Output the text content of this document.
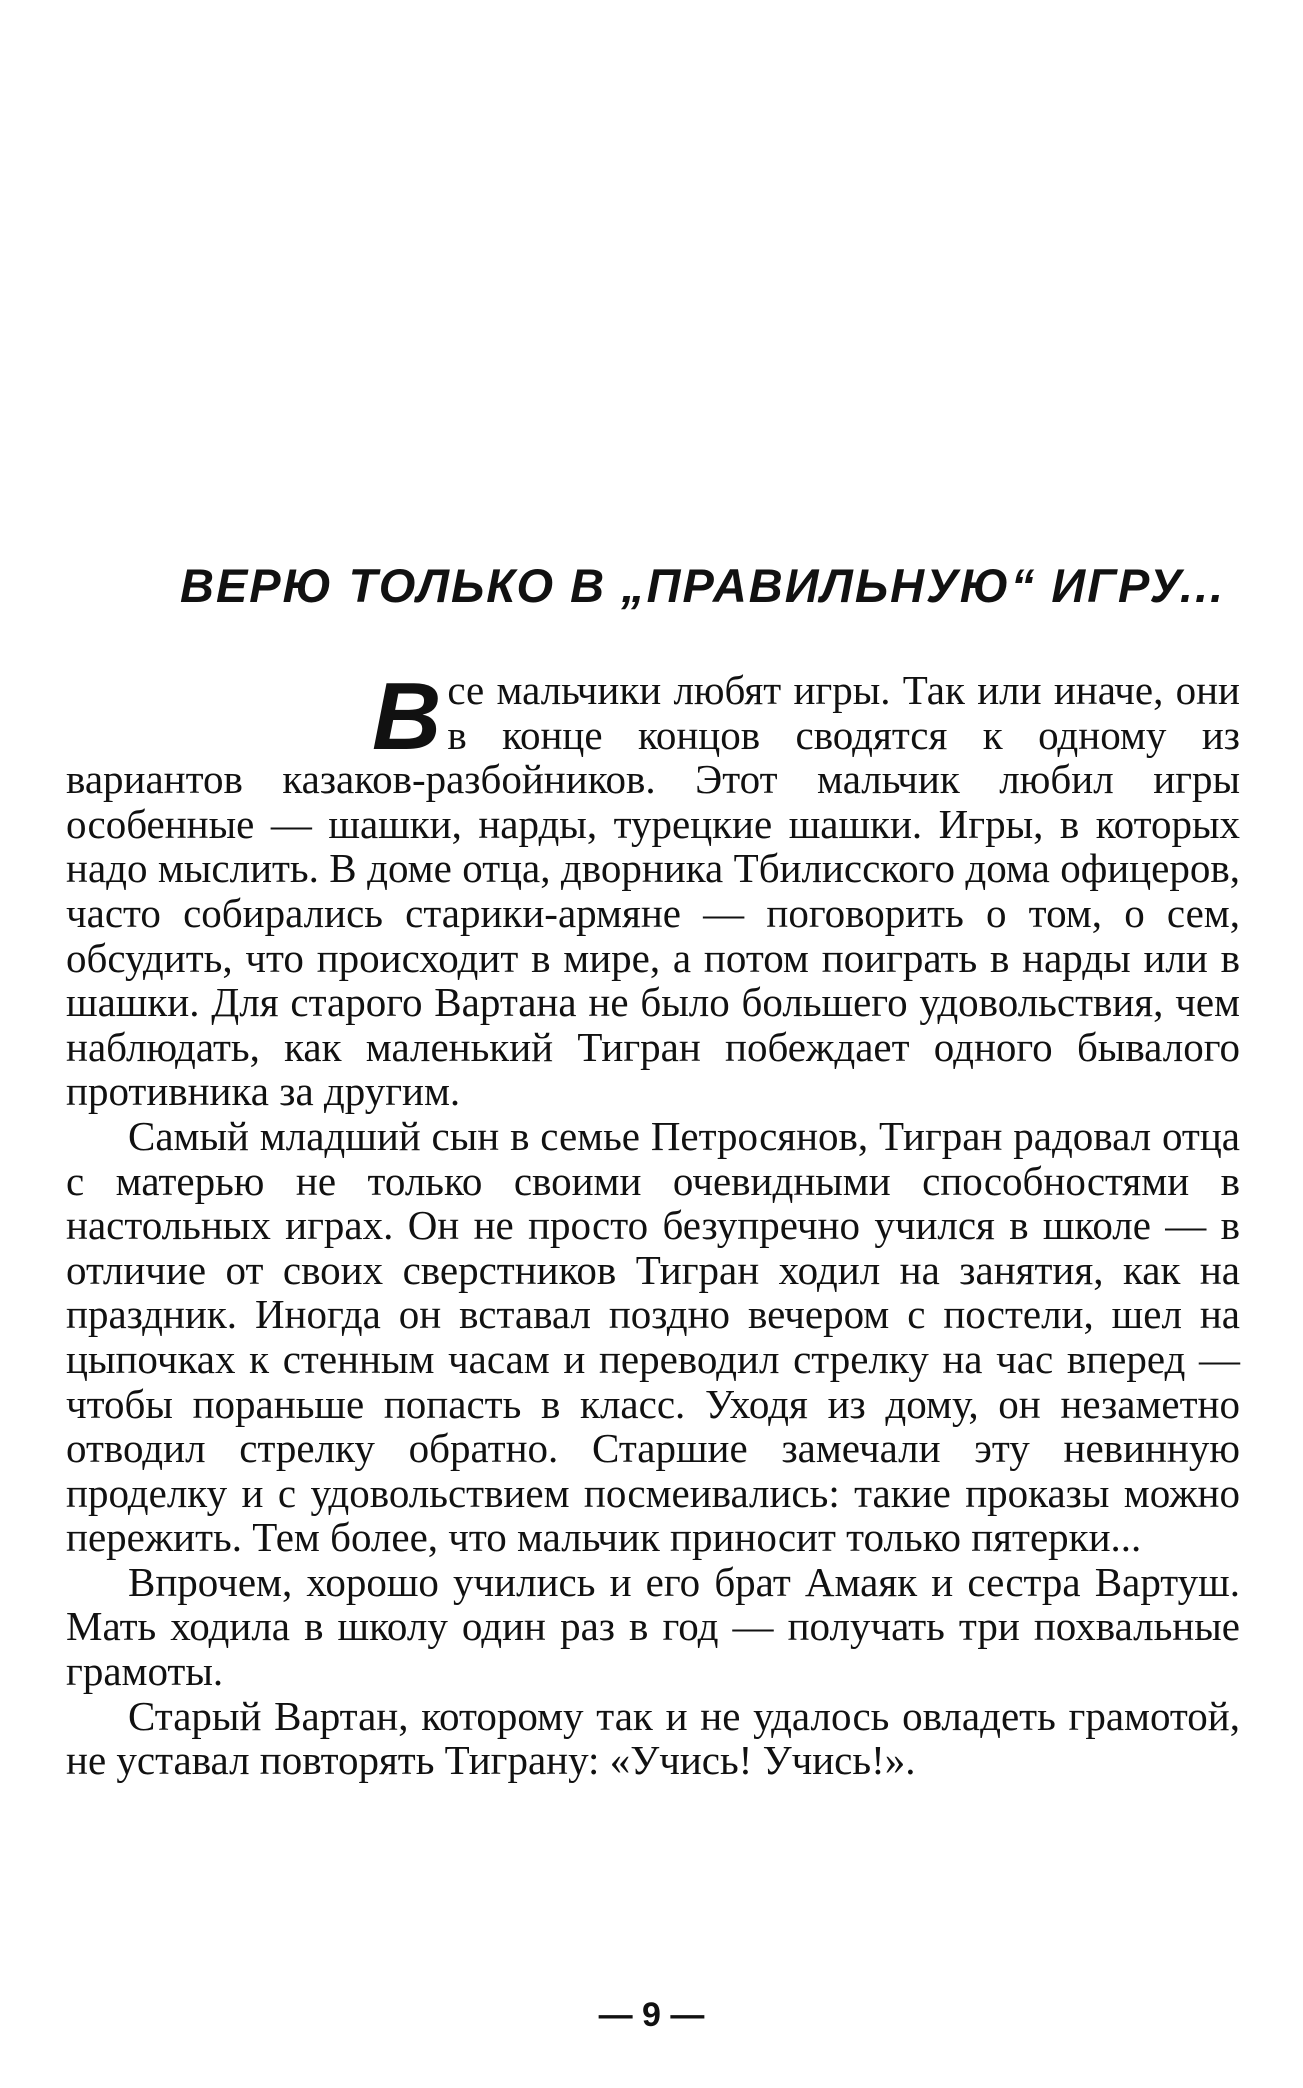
ВЕРЮ ТОЛЬКО В „ПРАВИЛЬНУЮ“ ИГРУ...

Все мальчики любят игры. Так или иначе, они в конце концов сводятся к одному из вариантов казаков-разбойников. Этот мальчик любил игры особенные — шашки, нарды, турецкие шашки. Игры, в которых надо мыслить. В доме отца, дворника Тбилисского дома офицеров, часто собирались старики-армяне — поговорить о том, о сем, обсудить, что происходит в мире, а потом поиграть в нарды или в шашки. Для старого Вартана не было большего удовольствия, чем наблюдать, как маленький Тигран побеждает одного бывалого противника за другим.

Самый младший сын в семье Петросянов, Тигран радовал отца с матерью не только своими очевидными способностями в настольных играх. Он не просто безупречно учился в школе — в отличие от своих сверстников Тигран ходил на занятия, как на праздник. Иногда он вставал поздно вечером с постели, шел на цыпочках к стенным часам и переводил стрелку на час вперед — чтобы пораньше попасть в класс. Уходя из дому, он незаметно отводил стрелку обратно. Старшие замечали эту невинную проделку и с удовольствием посмеивались: такие проказы можно пережить. Тем более, что мальчик приносит только пятерки...

Впрочем, хорошо учились и его брат Амаяк и сестра Вартуш. Мать ходила в школу один раз в год — получать три похвальные грамоты.

Старый Вартан, которому так и не удалось овладеть грамотой, не уставал повторять Тиграну: «Учись! Учись!».

— 9 —
